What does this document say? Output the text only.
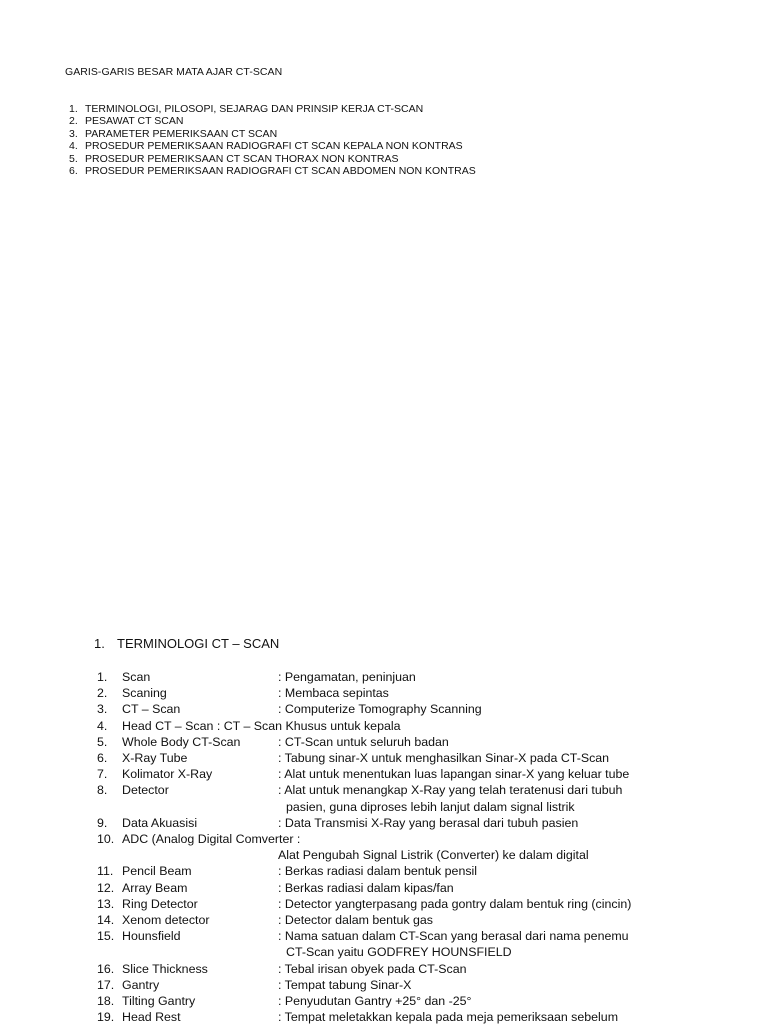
GARIS-GARIS BESAR MATA AJAR CT-SCAN
1. TERMINOLOGI, PILOSOPI, SEJARAG DAN PRINSIP KERJA CT-SCAN
2. PESAWAT CT SCAN
3. PARAMETER PEMERIKSAAN CT SCAN
4. PROSEDUR PEMERIKSAAN RADIOGRAFI CT SCAN KEPALA NON KONTRAS
5. PROSEDUR PEMERIKSAAN CT SCAN THORAX NON KONTRAS
6. PROSEDUR PEMERIKSAAN RADIOGRAFI CT SCAN ABDOMEN NON KONTRAS
1. TERMINOLOGI CT – SCAN
1.	Scan	: Pengamatan, peninjuan
2.	Scaning	: Membaca sepintas
3.	CT – Scan	: Computerize Tomography Scanning
4.	Head CT – Scan : CT – Scan Khusus untuk kepala
5.	Whole Body CT-Scan	: CT-Scan untuk seluruh badan
6.	X-Ray Tube	: Tabung sinar-X untuk menghasilkan Sinar-X pada CT-Scan
7.	Kolimator X-Ray	: Alat untuk menentukan luas lapangan sinar-X yang keluar tube
8.	Detector	: Alat untuk menangkap X-Ray yang telah teratenusi dari tubuh
pasien, guna diproses lebih lanjut dalam signal listrik
9.	Data Akuasisi	: Data Transmisi X-Ray yang berasal dari tubuh pasien
10. ADC (Analog Digital Comverter :
Alat Pengubah Signal Listrik (Converter) ke dalam digital
11. Pencil Beam	: Berkas radiasi dalam bentuk pensil
12. Array Beam	: Berkas radiasi dalam kipas/fan
13. Ring Detector	: Detector yangterpasang pada gontry dalam bentuk ring (cincin)
14. Xenom detector	: Detector dalam bentuk gas
15. Hounsfield	: Nama satuan dalam CT-Scan yang berasal dari nama penemu
CT-Scan yaitu GODFREY HOUNSFIELD
16. Slice Thickness	: Tebal irisan obyek pada CT-Scan
17. Gantry	: Tempat tabung Sinar-X
18. Tilting Gantry	: Penyudutan Gantry +25° dan -25°
19. Head Rest	: Tempat meletakkan kepala pada meja pemeriksaan sebelum
